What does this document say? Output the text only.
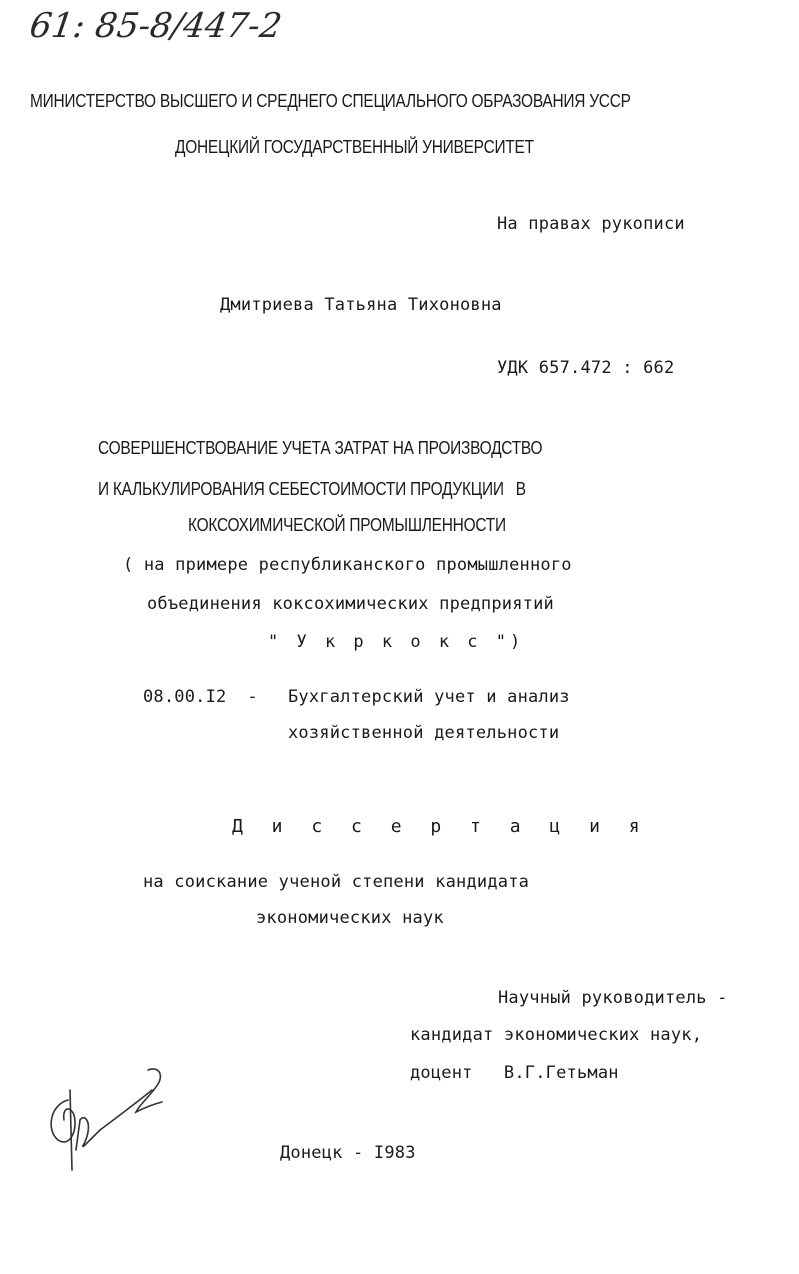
61: 85-8/447-2
МИНИСТЕРСТВО ВЫСШЕГО И СРЕДНЕГО СПЕЦИАЛЬНОГО ОБРАЗОВАНИЯ УССР
ДОНЕЦКИЙ ГОСУДАРСТВЕННЫЙ УНИВЕРСИТЕТ
На правах рукописи
Дмитриева Татьяна Тихоновна
УДК 657.472 : 662
СОВЕРШЕНСТВОВАНИЕ УЧЕТА ЗАТРАТ НА ПРОИЗВОДСТВО
И КАЛЬКУЛИРОВАНИЯ СЕБЕСТОИМОСТИ ПРОДУКЦИИ   В
КОКСОХИМИЧЕСКОЙ ПРОМЫШЛЕННОСТИ
( на примере республиканского промышленного
объединения коксохимических предприятий
" У к р к о к с ")
08.00.I2  - Бухгалтерский учет и анализ
хозяйственной деятельности
Д и с с е р т а ц и я
на соискание ученой степени кандидата
экономических наук
Научный руководитель -
кандидат экономических наук,
доцент   В.Г.Гетьман
Донецк - I983
